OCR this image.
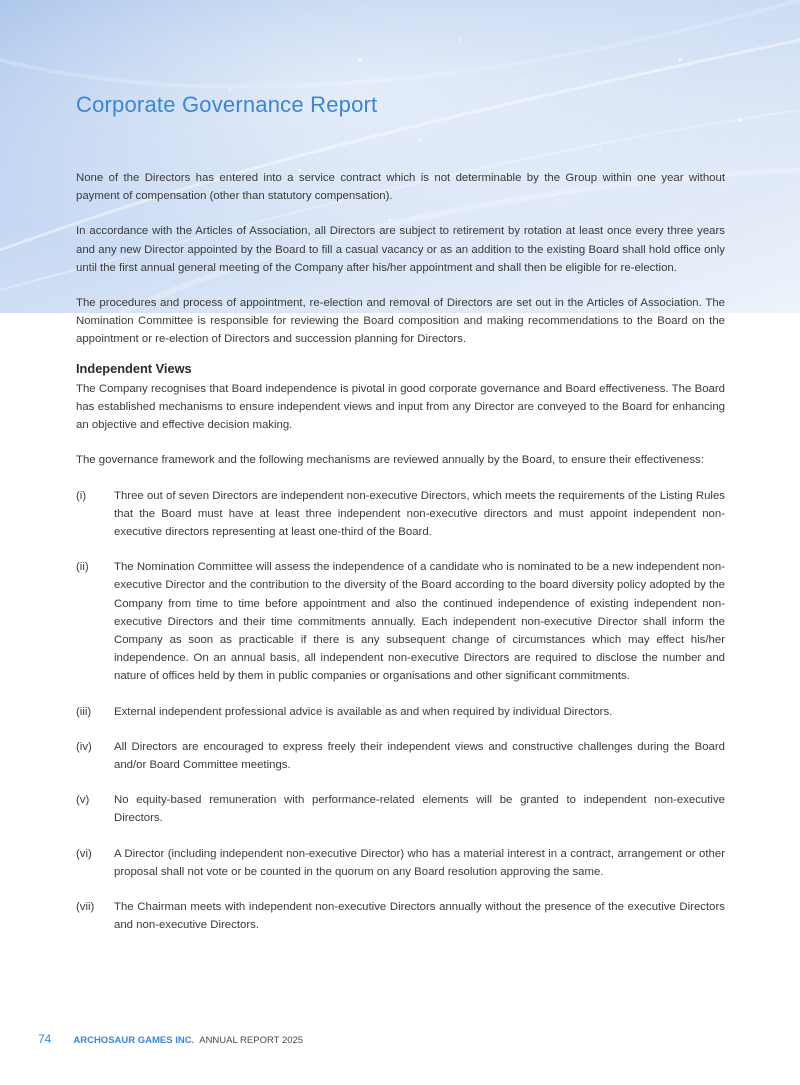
Corporate Governance Report

None of the Directors has entered into a service contract which is not determinable by the Group within one year without payment of compensation (other than statutory compensation).

In accordance with the Articles of Association, all Directors are subject to retirement by rotation at least once every three years and any new Director appointed by the Board to fill a casual vacancy or as an addition to the existing Board shall hold office only until the first annual general meeting of the Company after his/her appointment and shall then be eligible for re-election.

The procedures and process of appointment, re-election and removal of Directors are set out in the Articles of Association. The Nomination Committee is responsible for reviewing the Board composition and making recommendations to the Board on the appointment or re-election of Directors and succession planning for Directors.

Independent Views

The Company recognises that Board independence is pivotal in good corporate governance and Board effectiveness. The Board has established mechanisms to ensure independent views and input from any Director are conveyed to the Board for enhancing an objective and effective decision making.

The governance framework and the following mechanisms are reviewed annually by the Board, to ensure their effectiveness:

(i)	Three out of seven Directors are independent non-executive Directors, which meets the requirements of the Listing Rules that the Board must have at least three independent non-executive directors and must appoint independent non-executive directors representing at least one-third of the Board.
(ii)	The Nomination Committee will assess the independence of a candidate who is nominated to be a new independent non-executive Director and the contribution to the diversity of the Board according to the board diversity policy adopted by the Company from time to time before appointment and also the continued independence of existing independent non-executive Directors and their time commitments annually. Each independent non-executive Director shall inform the Company as soon as practicable if there is any subsequent change of circumstances which may effect his/her independence. On an annual basis, all independent non-executive Directors are required to disclose the number and nature of offices held by them in public companies or organisations and other significant commitments.
(iii)	External independent professional advice is available as and when required by individual Directors.
(iv)	All Directors are encouraged to express freely their independent views and constructive challenges during the Board and/or Board Committee meetings.
(v)	No equity-based remuneration with performance-related elements will be granted to independent non-executive Directors.
(vi)	A Director (including independent non-executive Director) who has a material interest in a contract, arrangement or other proposal shall not vote or be counted in the quorum on any Board resolution approving the same.
(vii)	The Chairman meets with independent non-executive Directors annually without the presence of the executive Directors and non-executive Directors.
74 ARCHOSAUR GAMES INC. ANNUAL REPORT 2025
